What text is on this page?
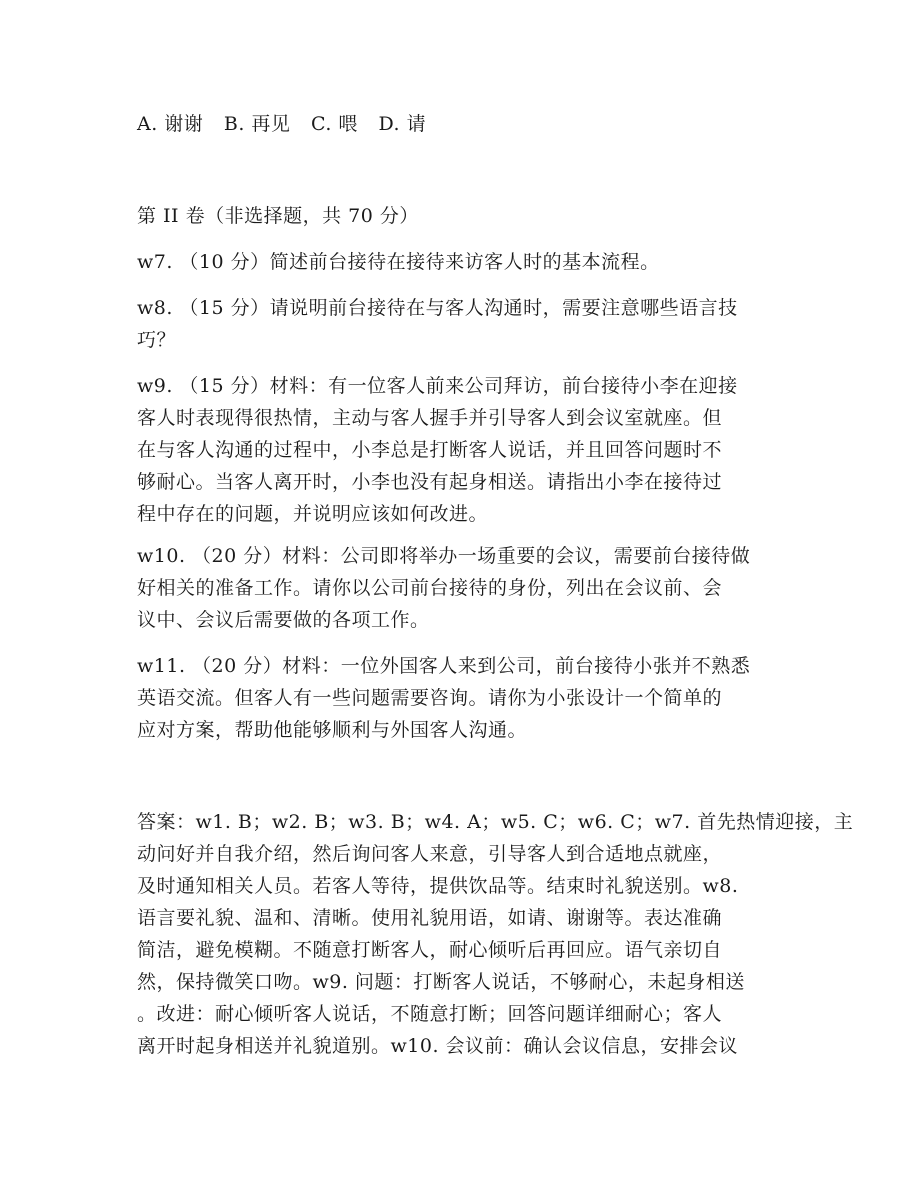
A. 谢谢 B. 再见 C. 喂 D. 请
第 II 卷（非选择题，共 70 分）
w7. （10 分）简述前台接待在接待来访客人时的基本流程。
w8. （15 分）请说明前台接待在与客人沟通时，需要注意哪些语言技
巧？
w9. （15 分）材料：有一位客人前来公司拜访，前台接待小李在迎接
客人时表现得很热情，主动与客人握手并引导客人到会议室就座。但
在与客人沟通的过程中，小李总是打断客人说话，并且回答问题时不
够耐心。当客人离开时，小李也没有起身相送。请指出小李在接待过
程中存在的问题，并说明应该如何改进。
w10. （20 分）材料：公司即将举办一场重要的会议，需要前台接待做
好相关的准备工作。请你以公司前台接待的身份，列出在会议前、会
议中、会议后需要做的各项工作。
w11. （20 分）材料：一位外国客人来到公司，前台接待小张并不熟悉
英语交流。但客人有一些问题需要咨询。请你为小张设计一个简单的
应对方案，帮助他能够顺利与外国客人沟通。
答案：w1. B；w2. B；w3. B；w4. A；w5. C；w6. C；w7. 首先热情迎接，主
动问好并自我介绍，然后询问客人来意，引导客人到合适地点就座，
及时通知相关人员。若客人等待，提供饮品等。结束时礼貌送别。w8.
语言要礼貌、温和、清晰。使用礼貌用语，如请、谢谢等。表达准确
简洁，避免模糊。不随意打断客人，耐心倾听后再回应。语气亲切自
然，保持微笑口吻。w9. 问题：打断客人说话，不够耐心，未起身相送
。改进：耐心倾听客人说话，不随意打断；回答问题详细耐心；客人
离开时起身相送并礼貌道别。w10. 会议前：确认会议信息，安排会议
